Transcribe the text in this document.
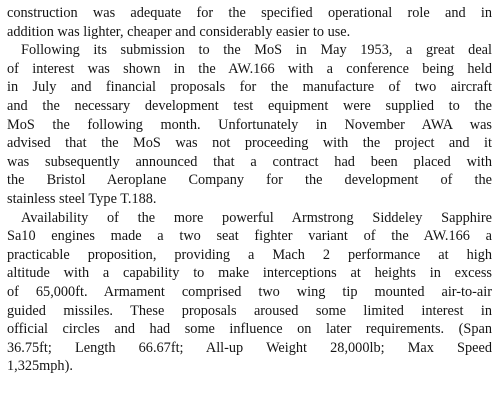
construction was adequate for the specified operational role and in
addition was lighter, cheaper and considerably easier to use.
Following its submission to the MoS in May 1953, a great deal
of interest was shown in the AW.166 with a conference being held
in July and financial proposals for the manufacture of two aircraft
and the necessary development test equipment were supplied to the
MoS the following month. Unfortunately in November AWA was
advised that the MoS was not proceeding with the project and it
was subsequently announced that a contract had been placed with
the Bristol Aeroplane Company for the development of the
stainless steel Type T.188.
Availability of the more powerful Armstrong Siddeley Sapphire
Sa10 engines made a two seat fighter variant of the AW.166 a
practicable proposition, providing a Mach 2 performance at high
altitude with a capability to make interceptions at heights in excess
of 65,000ft. Armament comprised two wing tip mounted air-to-air
guided missiles. These proposals aroused some limited interest in
official circles and had some influence on later requirements. (Span
36.75ft; Length 66.67ft; All-up Weight 28,000lb; Max Speed
1,325mph).
